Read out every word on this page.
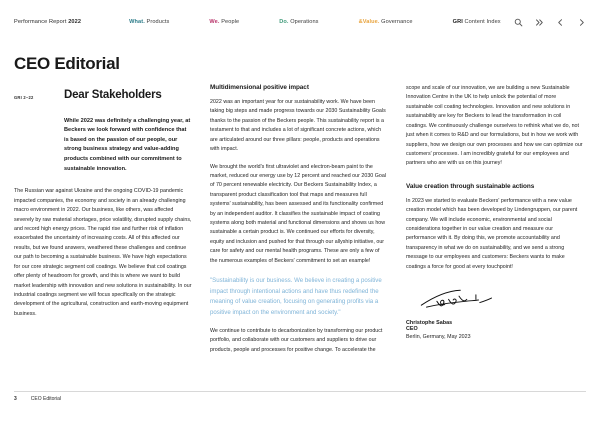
Performance Report 2022	What. Products	We. People	Do. Operations	&Value. Governance	GRI Content Index
CEO Editorial
GRI 2–22	Dear Stakeholders

While 2022 was definitely a challenging year, at Beckers we look forward with confidence that is based on the passion of our people, our strong business strategy and value-adding products combined with our commitment to sustainable innovation.

The Russian war against Ukraine and the ongoing COVID-19 pandemic impacted companies, the economy and society in an already challenging macro environment in 2022. Our business, like others, was affected severely by raw material shortages, price volatility, disrupted supply chains, and record high energy prices. The rapid rise and further risk of inflation exacerbated the uncertainty of increasing costs. All of this affected our results, but we found answers, weathered these challenges and continue our path to becoming a sustainable business. We have high expectations for our core strategic segment coil coatings. We believe that coil coatings offer plenty of headroom for growth, and this is where we want to build market leadership with innovation and new solutions in sustainability. In our industrial coatings segment we will focus specifically on the strategic development of the agricultural, construction and earth-moving equipment business.

Multidimensional positive impact

2022 was an important year for our sustainability work. We have been taking big steps and made progress towards our 2030 Sustainability Goals thanks to the passion of the Beckers people. This sustainability report is a testament to that and includes a lot of significant concrete actions, which are articulated around our three pillars: people, products and operations with impact.

We brought the world's first ultraviolet and electron-beam paint to the market, reduced our energy use by 12 percent and reached our 2030 Goal of 70 percent renewable electricity. Our Beckers Sustainability Index, a transparent product classification tool that maps and measures full systems' sustainability, has been assessed and its functionality confirmed by an independent auditor. It classifies the sustainable impact of coating systems along both material and functional dimensions and shows us how sustainable a certain product is. We continued our efforts for diversity, equity and inclusion and pushed for that through our allyship initiative, our care for safety and our mental health programs. These are only a few of the numerous examples of Beckers' commitment to set an example!

"Sustainability is our business. We believe in creating a positive impact through intentional actions and have thus redefined the meaning of value creation, focusing on generating profits via a positive impact on the environment and society."

We continue to contribute to decarbonization by transforming our product portfolio, and collaborate with our customers and suppliers to drive our products, people and processes for positive change. To accelerate the

scope and scale of our innovation, we are building a new Sustainable Innovation Centre in the UK to help unlock the potential of more sustainable coil coating technologies. Innovation and new solutions in sustainability are key for Beckers to lead the transformation in coil coatings. We continuously challenge ourselves to rethink what we do, not just when it comes to R&D and our formulations, but in how we work with suppliers, how we design our own processes and how we can optimize our customers' processes. I am incredibly grateful for our employees and partners who are with us on this journey!

Value creation through sustainable actions

In 2023 we started to evaluate Beckers' performance with a new value creation model which has been developed by Lindengruppen, our parent company. We will include economic, environmental and social considerations together in our value creation and measure our performance with it. By doing this, we promote accountability and transparency in what we do on sustainability, and we send a strong message to our employees and customers: Beckers wants to make coatings a force for good at every touchpoint!

Christophe Sabas
CEO
Berlin, Germany, May 2023
3	CEO Editorial
